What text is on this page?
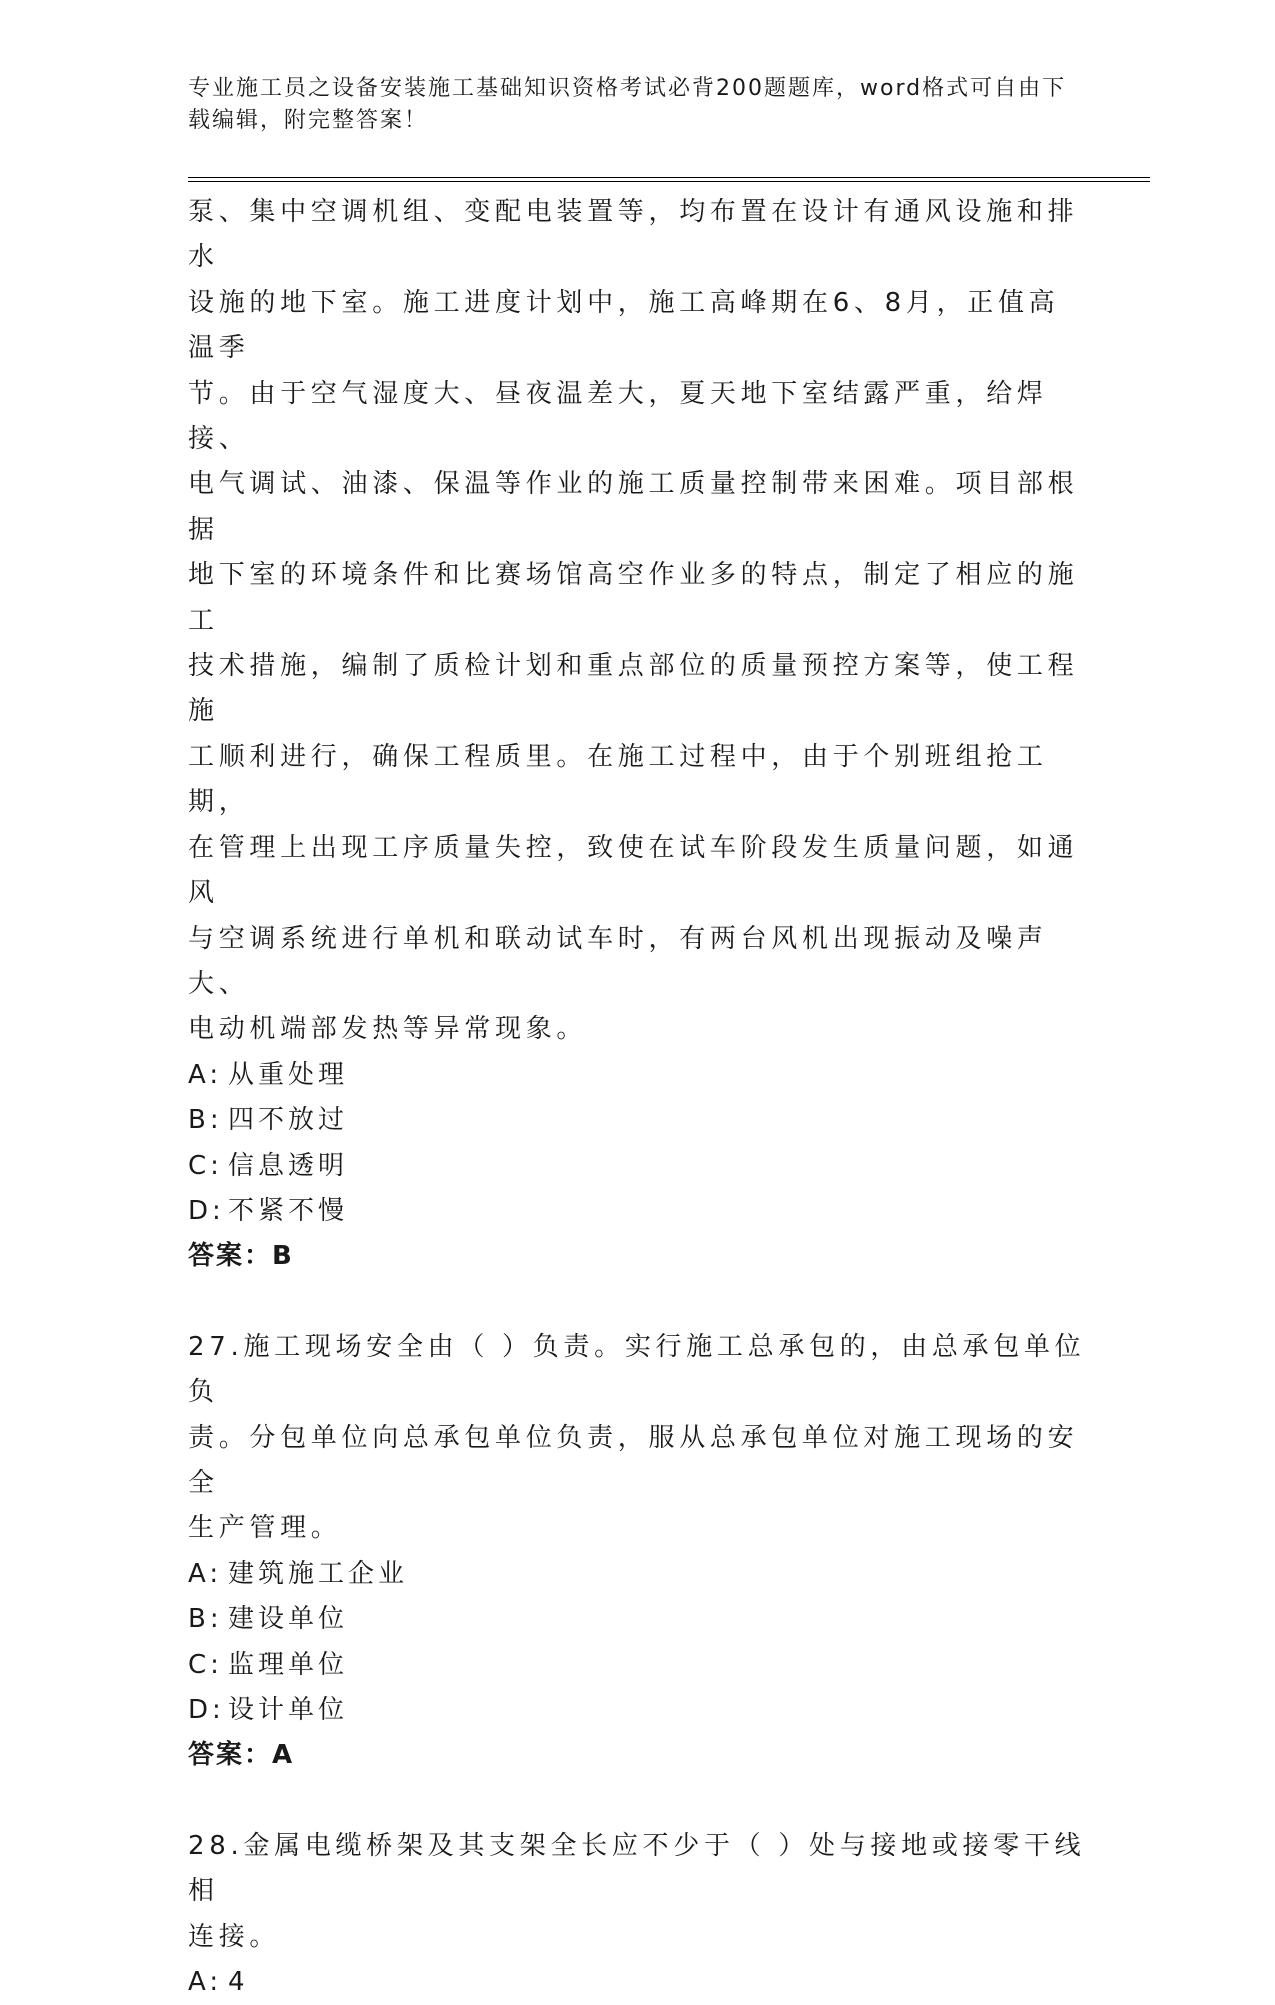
专业施工员之设备安装施工基础知识资格考试必背200题题库，word格式可自由下载编辑，附完整答案！

泵、集中空调机组、变配电装置等，均布置在设计有通风设施和排水

设施的地下室。施工进度计划中，施工高峰期在6、8月，正值高温季

节。由于空气湿度大、昼夜温差大，夏天地下室结露严重，给焊接、

电气调试、油漆、保温等作业的施工质量控制带来困难。项目部根据

地下室的环境条件和比赛场馆高空作业多的特点，制定了相应的施工

技术措施，编制了质检计划和重点部位的质量预控方案等，使工程施

工顺利进行，确保工程质里。在施工过程中，由于个别班组抢工期，

在管理上出现工序质量失控，致使在试车阶段发生质量问题，如通风

与空调系统进行单机和联动试车时，有两台风机出现振动及噪声大、

电动机端部发热等异常现象。

A: 从重处理

B: 四不放过

C: 信息透明

D: 不紧不慢

答案：B

27.施工现场安全由（ ）负责。实行施工总承包的，由总承包单位负

责。分包单位向总承包单位负责，服从总承包单位对施工现场的安全

生产管理。

A: 建筑施工企业

B: 建设单位

C: 监理单位

D: 设计单位

答案：A

28.金属电缆桥架及其支架全长应不少于（ ）处与接地或接零干线相

连接。

A: 4
